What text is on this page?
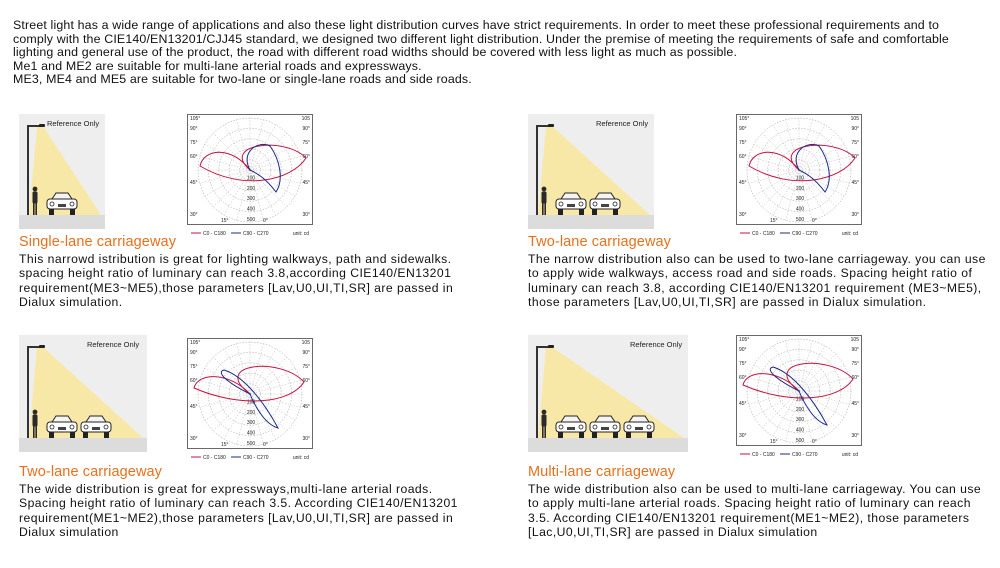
Street light has a wide range of applications and also these light distribution curves have strict requirements. In order to meet these professional requirements and to

comply with the CIE140/EN13201/CJJ45 standard, we designed two different light distribution. Under the premise of meeting the requirements of safe and comfortable

lighting and general use of the product, the road with different road widths should be covered with less light as much as possible.

Me1 and ME2 are suitable for multi-lane arterial roads and expressways.

ME3, ME4 and ME5 are suitable for two-lane or single-lane roads and side roads.

Reference Only
100
200
300
400
500
105°
90°
75°
60°
45°
30°
15°
105
90°
75°
60°
45°
30°
0°
C0 - C180	C90 - C270	unit: cd
Single-lane carriageway

This narrowd istribution is great for lighting walkways, path and sidewalks.

spacing height ratio of luminary can reach 3.8,according CIE140/EN13201

requirement(ME3~ME5),those parameters [Lav,U0,UI,TI,SR] are passed in

Dialux simulation.

Reference Only
100
200
300
400
500
105°
90°
75°
60°
45°
30°
15°
105
90°
75°
60°
45°
30°
0°
C0 - C180	C90 - C270	unit: cd
Two-lane carriageway

The narrow distribution also can be used to two-lane carriageway. you can use

to apply wide walkways, access road and side roads. Spacing height ratio of

luminary can reach 3.8, according CIE140/EN13201 requirement (ME3~ME5),

those parameters [Lav,U0,UI,TI,SR] are passed in Dialux simulation.

Reference Only
100
200
300
400
500
105°
90°
75°
60°
45°
30°
15°
105
90°
75°
60°
45°
30°
0°
C0 - C180	C90 - C270	unit: cd
Two-lane carriageway

The wide distribution is great for expressways,multi-lane arterial roads.

Spacing height ratio of luminary can reach 3.5. According CIE140/EN13201

requirement(ME1~ME2),those parameters [Lav,U0,UI,TI,SR] are passed in

Dialux simulation

Reference Only
100
200
300
400
500
105°
90°
75°
60°
45°
30°
15°
105
90°
75°
60°
45°
30°
0°
C0 - C180	C90 - C270	unit: cd
Multi-lane carriageway

The wide distribution also can be used to multi-lane carriageway. You can use

to apply multi-lane arterial roads. Spacing height ratio of luminary can reach

3.5. According CIE140/EN13201 requirement(ME1~ME2), those parameters

[Lac,U0,UI,TI,SR] are passed in Dialux simulation
